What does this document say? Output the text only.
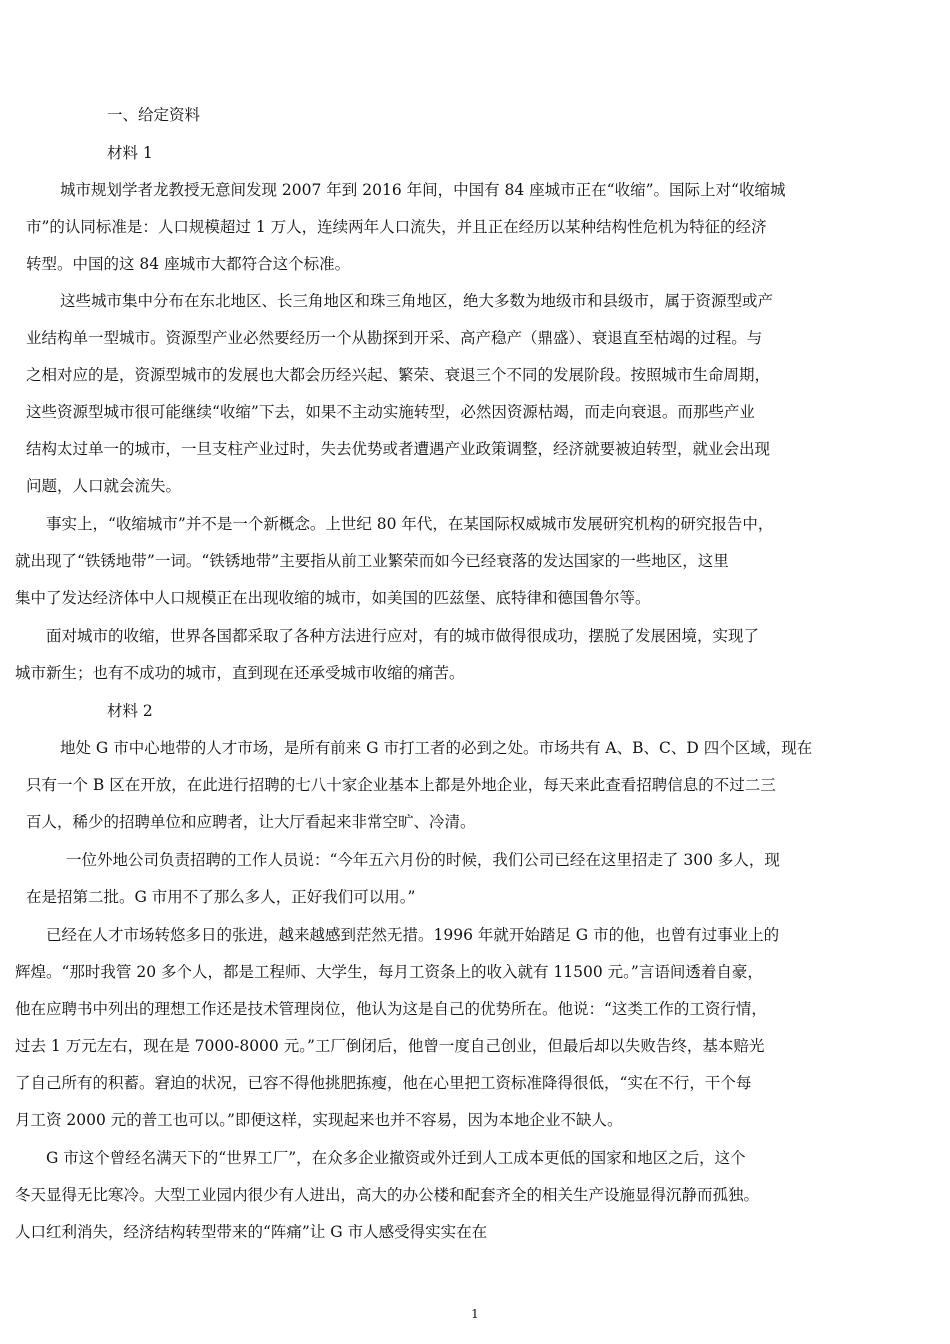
一、给定资料
材料 1
城市规划学者龙教授无意间发现 2007 年到 2016 年间，中国有 84 座城市正在“收缩”。国际上对“收缩城
市”的认同标准是：人口规模超过 1 万人，连续两年人口流失，并且正在经历以某种结构性危机为特征的经济
转型。中国的这 84 座城市大都符合这个标准。
这些城市集中分布在东北地区、长三角地区和珠三角地区，绝大多数为地级市和县级市，属于资源型或产
业结构单一型城市。资源型产业必然要经历一个从勘探到开采、高产稳产（鼎盛）、衰退直至枯竭的过程。与
之相对应的是，资源型城市的发展也大都会历经兴起、繁荣、衰退三个不同的发展阶段。按照城市生命周期，
这些资源型城市很可能继续“收缩”下去，如果不主动实施转型，必然因资源枯竭，而走向衰退。而那些产业
结构太过单一的城市，一旦支柱产业过时，失去优势或者遭遇产业政策调整，经济就要被迫转型，就业会出现
问题，人口就会流失。
事实上，“收缩城市”并不是一个新概念。上世纪 80 年代，在某国际权威城市发展研究机构的研究报告中，
就出现了“铁锈地带”一词。“铁锈地带”主要指从前工业繁荣而如今已经衰落的发达国家的一些地区，这里
集中了发达经济体中人口规模正在出现收缩的城市，如美国的匹兹堡、底特律和德国鲁尔等。
面对城市的收缩，世界各国都采取了各种方法进行应对，有的城市做得很成功，摆脱了发展困境，实现了
城市新生；也有不成功的城市，直到现在还承受城市收缩的痛苦。
材料 2
地处 G 市中心地带的人才市场，是所有前来 G 市打工者的必到之处。市场共有 A、B、C、D 四个区域，现在
只有一个 B 区在开放，在此进行招聘的七八十家企业基本上都是外地企业，每天来此查看招聘信息的不过二三
百人，稀少的招聘单位和应聘者，让大厅看起来非常空旷、冷清。
一位外地公司负责招聘的工作人员说：“今年五六月份的时候，我们公司已经在这里招走了 300 多人，现
在是招第二批。G 市用不了那么多人，正好我们可以用。”
已经在人才市场转悠多日的张进，越来越感到茫然无措。1996 年就开始踏足 G 市的他，也曾有过事业上的
辉煌。“那时我管 20 多个人，都是工程师、大学生，每月工资条上的收入就有 11500 元。”言语间透着自豪，
他在应聘书中列出的理想工作还是技术管理岗位，他认为这是自己的优势所在。他说：“这类工作的工资行情，
过去 1 万元左右，现在是 7000-8000 元。”工厂倒闭后，他曾一度自己创业，但最后却以失败告终，基本赔光
了自己所有的积蓄。窘迫的状况，已容不得他挑肥拣瘦，他在心里把工资标准降得很低，“实在不行，干个每
月工资 2000 元的普工也可以。”即便这样，实现起来也并不容易，因为本地企业不缺人。
G 市这个曾经名满天下的“世界工厂”，在众多企业撤资或外迁到人工成本更低的国家和地区之后，这个
冬天显得无比寒冷。大型工业园内很少有人进出，高大的办公楼和配套齐全的相关生产设施显得沉静而孤独。
人口红利消失，经济结构转型带来的“阵痛”让 G 市人感受得实实在在
1
